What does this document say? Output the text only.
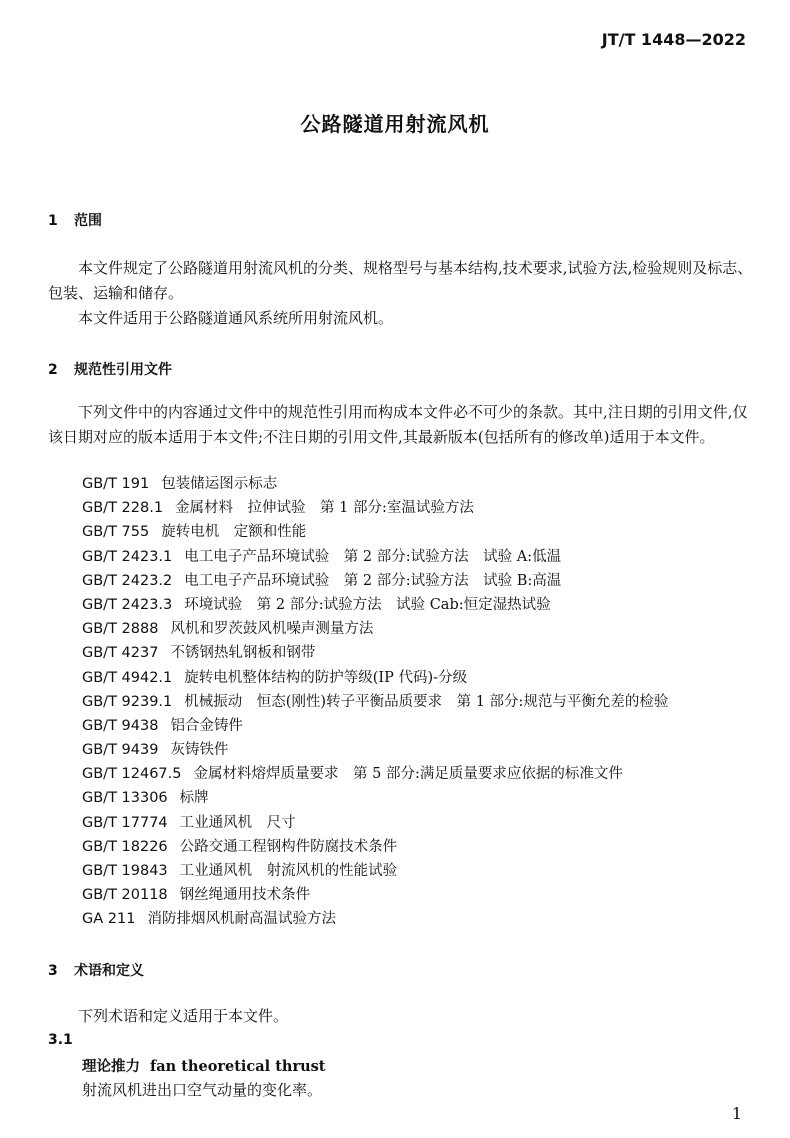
JT/T 1448—2022
公路隧道用射流风机
1 范围
本文件规定了公路隧道用射流风机的分类、规格型号与基本结构,技术要求,试验方法,检验规则及标志、包装、运输和储存。
本文件适用于公路隧道通风系统所用射流风机。
2 规范性引用文件
下列文件中的内容通过文件中的规范性引用而构成本文件必不可少的条款。其中,注日期的引用文件,仅该日期对应的版本适用于本文件;不注日期的引用文件,其最新版本(包括所有的修改单)适用于本文件。
GB/T 191 包装储运图示标志
GB/T 228.1 金属材料　拉伸试验　第 1 部分:室温试验方法
GB/T 755 旋转电机　定额和性能
GB/T 2423.1 电工电子产品环境试验　第 2 部分:试验方法　试验 A:低温
GB/T 2423.2 电工电子产品环境试验　第 2 部分:试验方法　试验 B:高温
GB/T 2423.3 环境试验　第 2 部分:试验方法　试验 Cab:恒定湿热试验
GB/T 2888 风机和罗茨鼓风机噪声测量方法
GB/T 4237 不锈钢热轧钢板和钢带
GB/T 4942.1 旋转电机整体结构的防护等级(IP 代码)-分级
GB/T 9239.1 机械振动　恒态(刚性)转子平衡品质要求　第 1 部分:规范与平衡允差的检验
GB/T 9438 铝合金铸件
GB/T 9439 灰铸铁件
GB/T 12467.5 金属材料熔焊质量要求　第 5 部分:满足质量要求应依据的标准文件
GB/T 13306 标牌
GB/T 17774 工业通风机　尺寸
GB/T 18226 公路交通工程钢构件防腐技术条件
GB/T 19843 工业通风机　射流风机的性能试验
GB/T 20118 钢丝绳通用技术条件
GA 211 消防排烟风机耐高温试验方法
3 术语和定义
下列术语和定义适用于本文件。
3.1
理论推力 fan theoretical thrust
射流风机进出口空气动量的变化率。
1
